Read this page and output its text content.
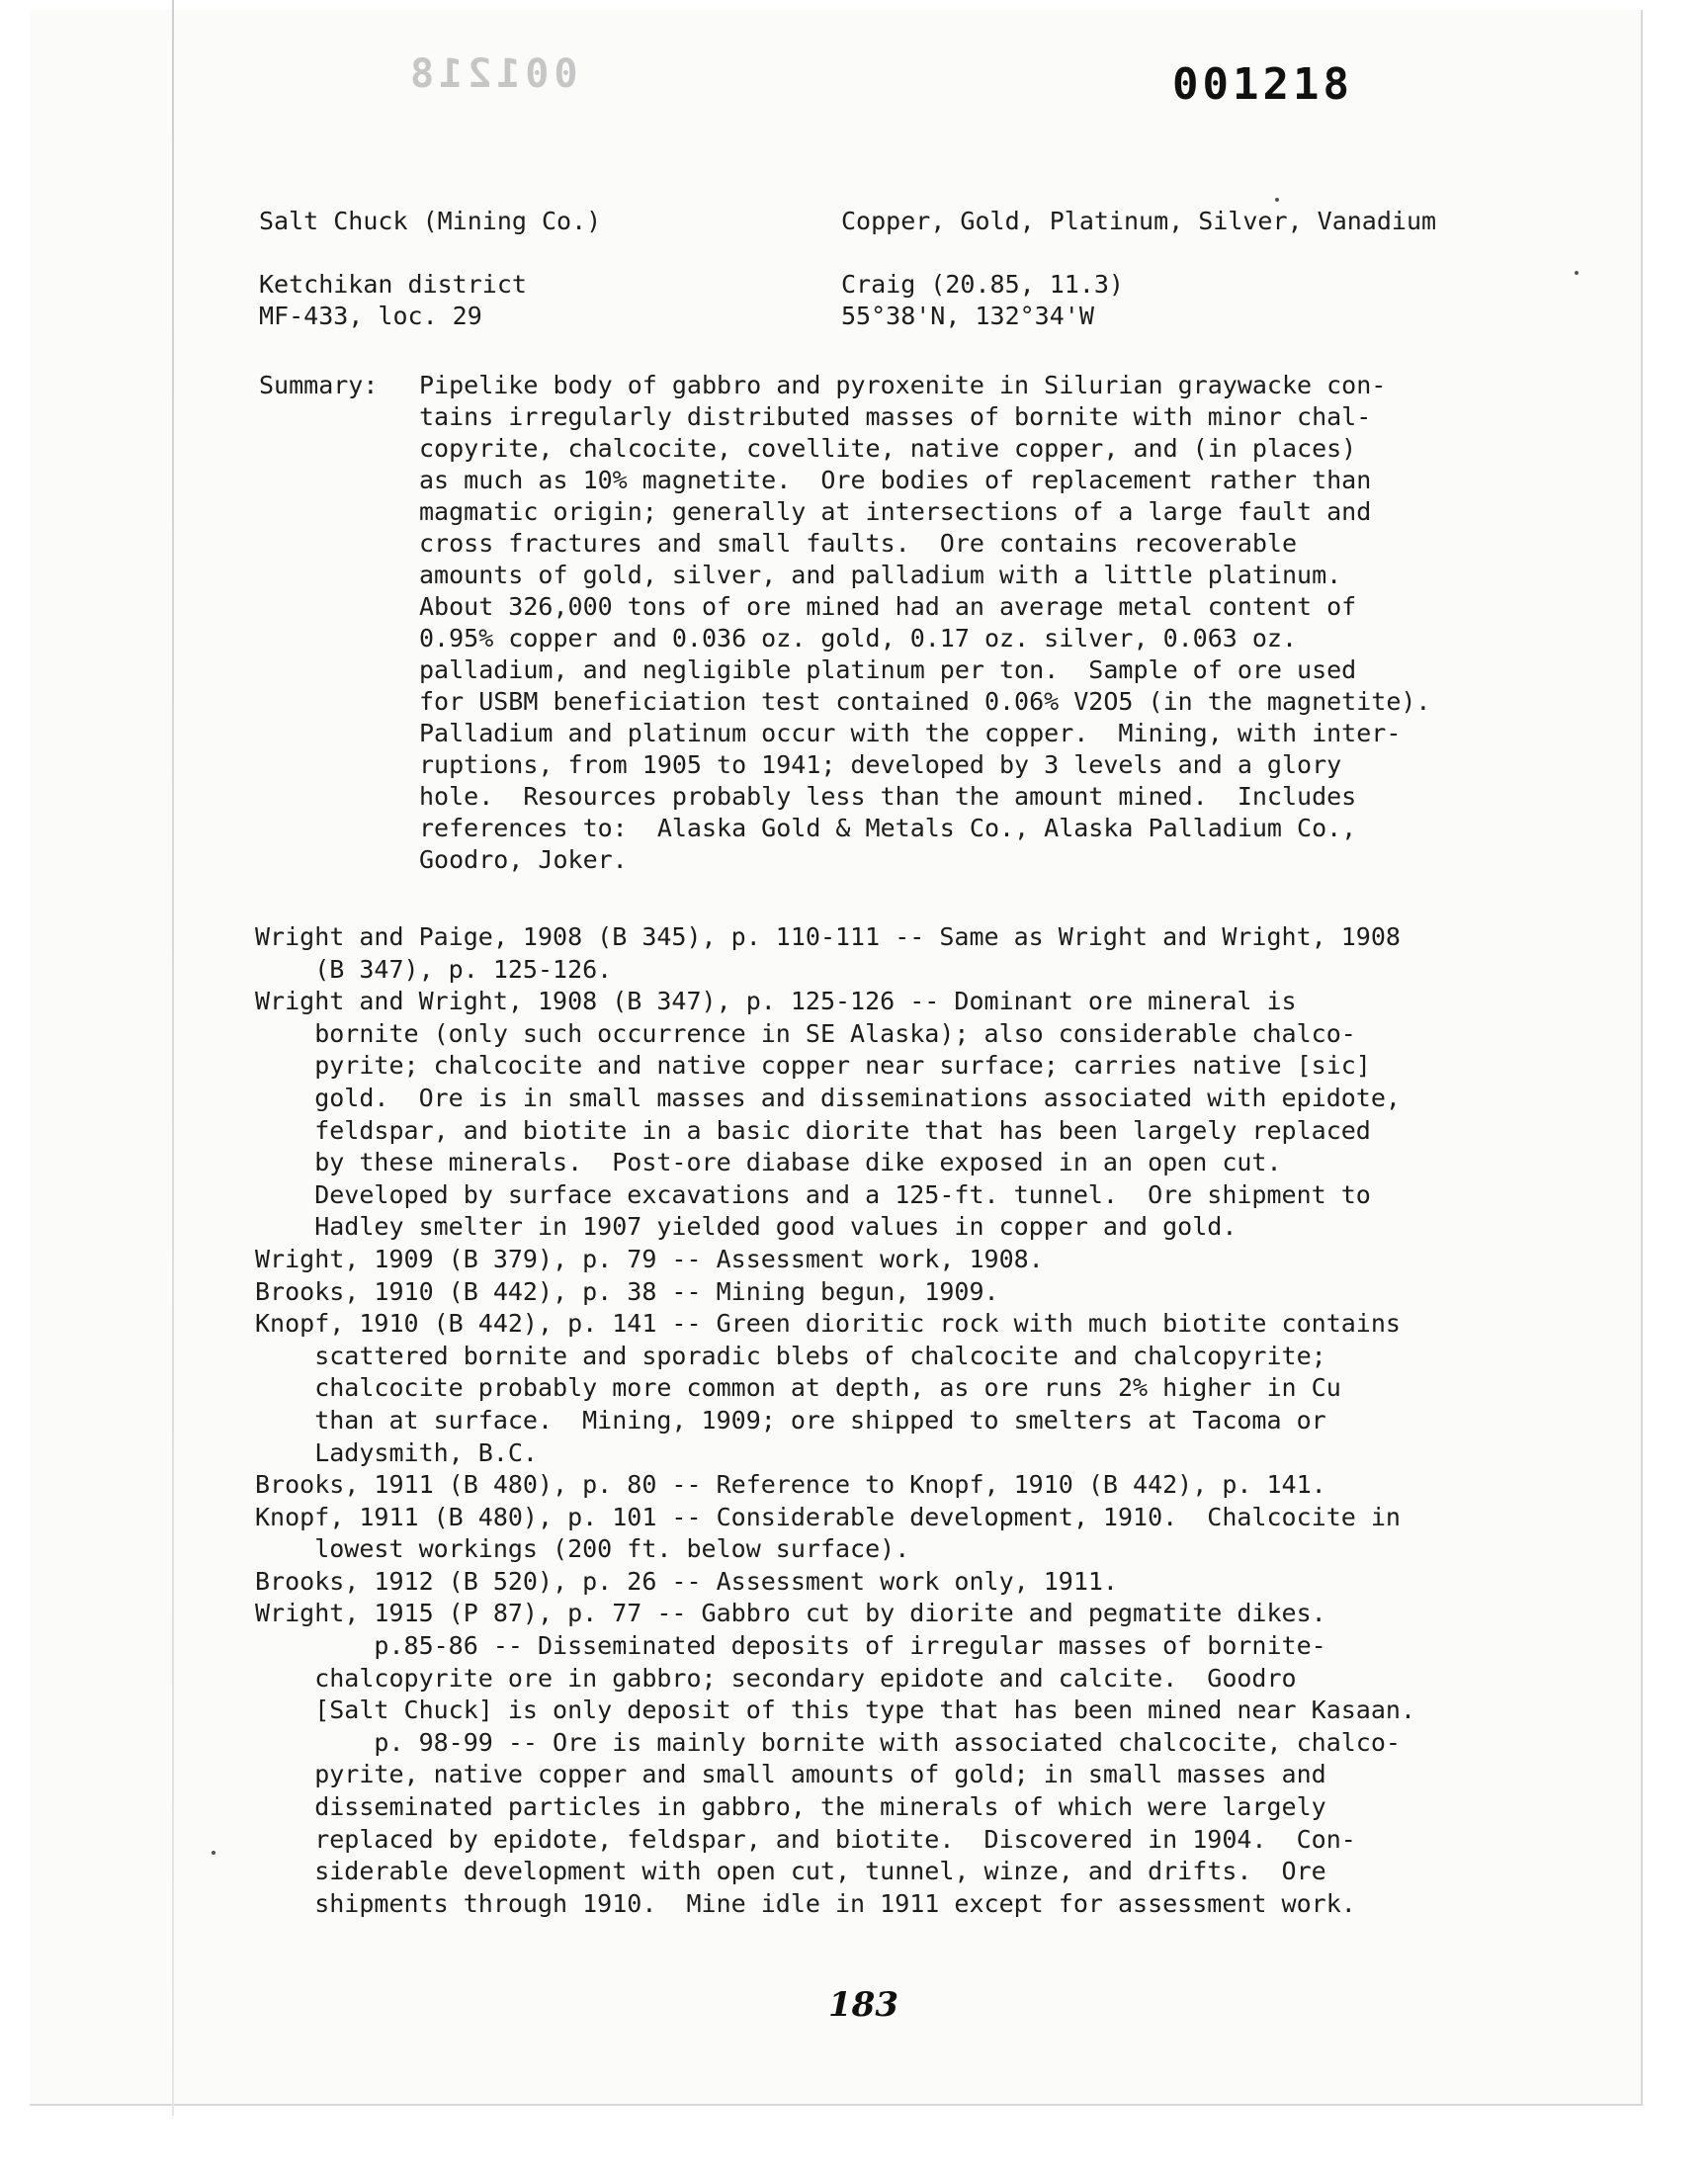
001218	001218
Salt Chuck (Mining Co.)

Ketchikan district
MF-433, loc. 29
Copper, Gold, Platinum, Silver, Vanadium

Craig (20.85, 11.3)
55°38'N, 132°34'W
Summary: Pipelike body of gabbro and pyroxenite in Silurian graywacke con-
tains irregularly distributed masses of bornite with minor chal-
copyrite, chalcocite, covellite, native copper, and (in places)
as much as 10% magnetite.  Ore bodies of replacement rather than
magmatic origin; generally at intersections of a large fault and
cross fractures and small faults.  Ore contains recoverable
amounts of gold, silver, and palladium with a little platinum.
About 326,000 tons of ore mined had an average metal content of
0.95% copper and 0.036 oz. gold, 0.17 oz. silver, 0.063 oz.
palladium, and negligible platinum per ton.  Sample of ore used
for USBM beneficiation test contained 0.06% V2O5 (in the magnetite).
Palladium and platinum occur with the copper.  Mining, with inter-
ruptions, from 1905 to 1941; developed by 3 levels and a glory
hole.  Resources probably less than the amount mined.  Includes
references to:  Alaska Gold & Metals Co., Alaska Palladium Co.,
Goodro, Joker.
Wright and Paige, 1908 (B 345), p. 110-111 -- Same as Wright and Wright, 1908
(B 347), p. 125-126.
Wright and Wright, 1908 (B 347), p. 125-126 -- Dominant ore mineral is
bornite (only such occurrence in SE Alaska); also considerable chalco-
pyrite; chalcocite and native copper near surface; carries native [sic]
gold.  Ore is in small masses and disseminations associated with epidote,
feldspar, and biotite in a basic diorite that has been largely replaced
by these minerals.  Post-ore diabase dike exposed in an open cut.
Developed by surface excavations and a 125-ft. tunnel.  Ore shipment to
Hadley smelter in 1907 yielded good values in copper and gold.
Wright, 1909 (B 379), p. 79 -- Assessment work, 1908.
Brooks, 1910 (B 442), p. 38 -- Mining begun, 1909.
Knopf, 1910 (B 442), p. 141 -- Green dioritic rock with much biotite contains
scattered bornite and sporadic blebs of chalcocite and chalcopyrite;
chalcocite probably more common at depth, as ore runs 2% higher in Cu
than at surface.  Mining, 1909; ore shipped to smelters at Tacoma or
Ladysmith, B.C.
Brooks, 1911 (B 480), p. 80 -- Reference to Knopf, 1910 (B 442), p. 141.
Knopf, 1911 (B 480), p. 101 -- Considerable development, 1910.  Chalcocite in
lowest workings (200 ft. below surface).
Brooks, 1912 (B 520), p. 26 -- Assessment work only, 1911.
Wright, 1915 (P 87), p. 77 -- Gabbro cut by diorite and pegmatite dikes.
p.85-86 -- Disseminated deposits of irregular masses of bornite-
chalcopyrite ore in gabbro; secondary epidote and calcite.  Goodro
[Salt Chuck] is only deposit of this type that has been mined near Kasaan.
p. 98-99 -- Ore is mainly bornite with associated chalcocite, chalco-
pyrite, native copper and small amounts of gold; in small masses and
disseminated particles in gabbro, the minerals of which were largely
replaced by epidote, feldspar, and biotite.  Discovered in 1904.  Con-
siderable development with open cut, tunnel, winze, and drifts.  Ore
shipments through 1910.  Mine idle in 1911 except for assessment work.
183
